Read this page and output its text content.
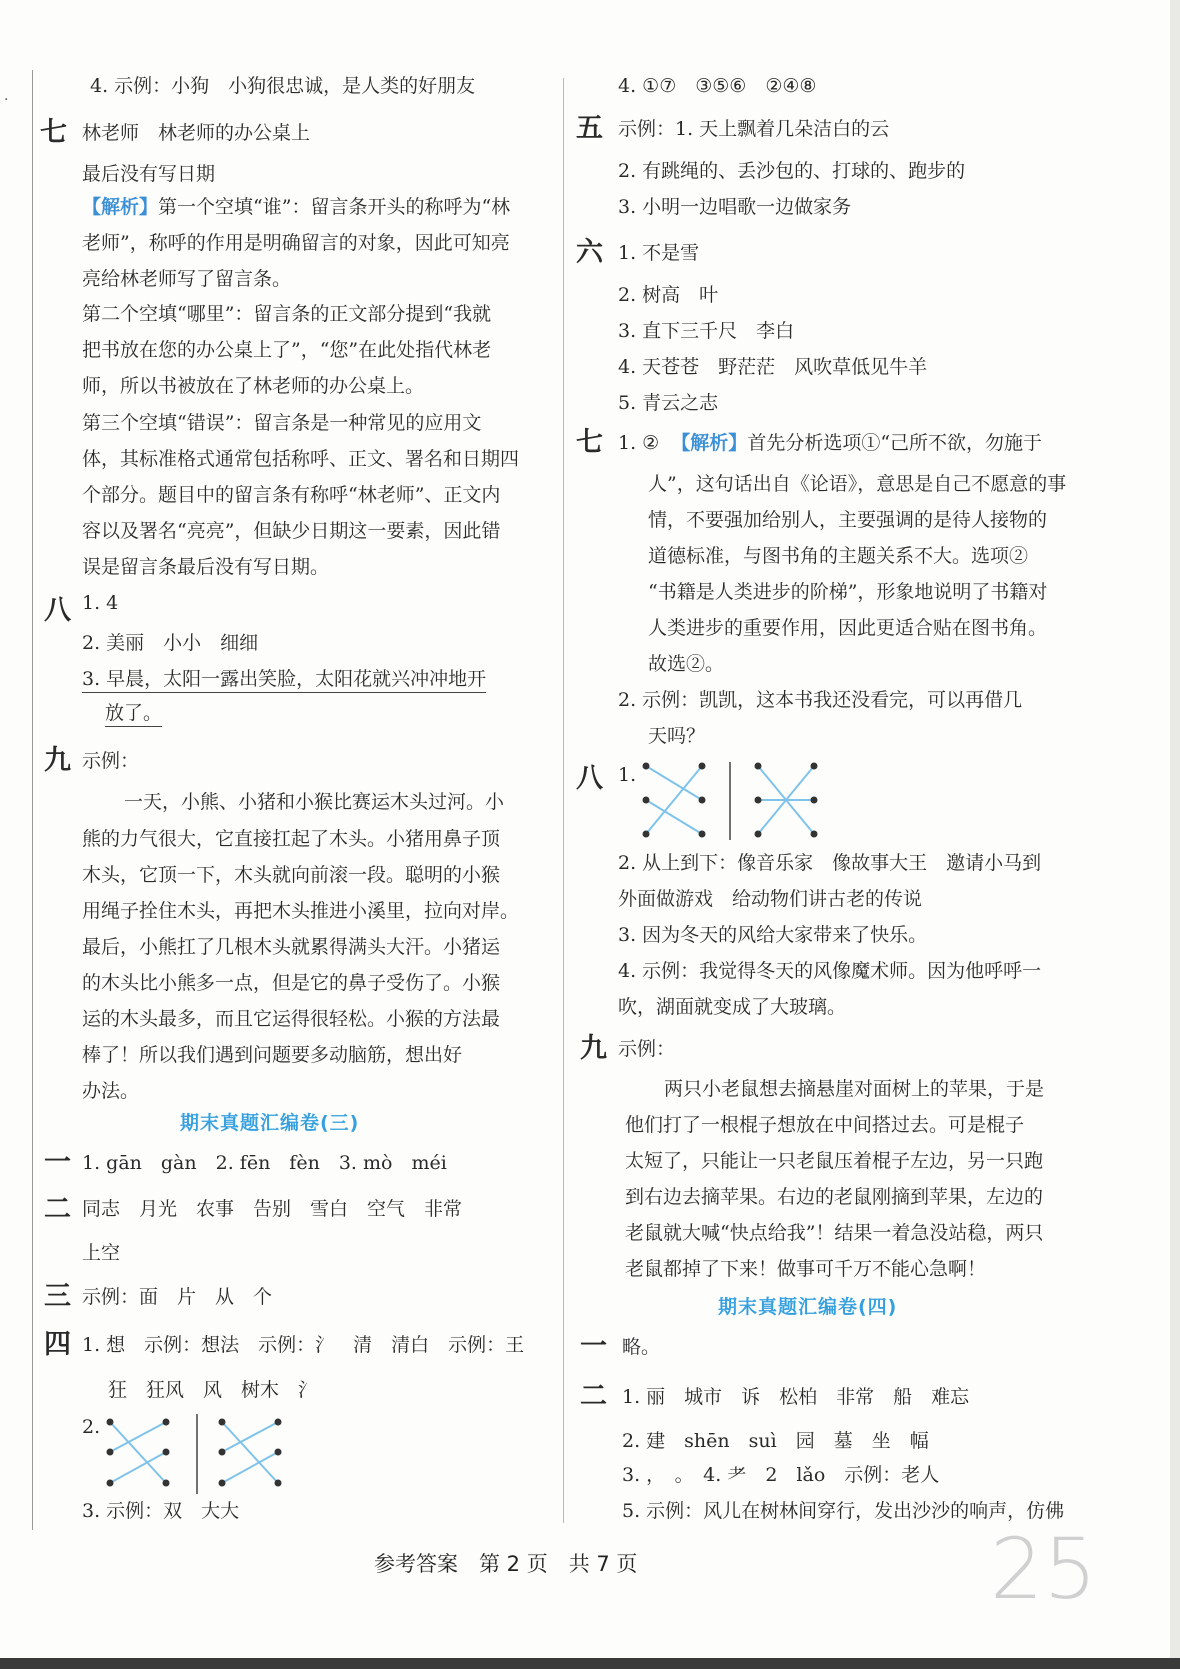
·
4. 示例：小狗　小狗很忠诚，是人类的好朋友
七 林老师　林老师的办公桌上
最后没有写日期
【解析】第一个空填“谁”：留言条开头的称呼为“林
老师”，称呼的作用是明确留言的对象，因此可知亮
亮给林老师写了留言条。
第二个空填“哪里”：留言条的正文部分提到“我就
把书放在您的办公桌上了”，“您”在此处指代林老
师，所以书被放在了林老师的办公桌上。
第三个空填“错误”：留言条是一种常见的应用文
体，其标准格式通常包括称呼、正文、署名和日期四
个部分。题目中的留言条有称呼“林老师”、正文内
容以及署名“亮亮”，但缺少日期这一要素，因此错
误是留言条最后没有写日期。
八 1. 4
2. 美丽　小小　细细
3. 早晨，太阳一露出笑脸，太阳花就兴冲冲地开
放了。
九 示例：
一天，小熊、小猪和小猴比赛运木头过河。小
熊的力气很大，它直接扛起了木头。小猪用鼻子顶
木头，它顶一下，木头就向前滚一段。聪明的小猴
用绳子拴住木头，再把木头推进小溪里，拉向对岸。
最后，小熊扛了几根木头就累得满头大汗。小猪运
的木头比小熊多一点，但是它的鼻子受伤了。小猴
运的木头最多，而且它运得很轻松。小猴的方法最
棒了！所以我们遇到问题要多动脑筋，想出好
办法。
期末真题汇编卷(三)
一 1. gān　gàn　2. fēn　fèn　3. mò　méi
二 同志　月光　农事　告别　雪白　空气　非常
上空
三 示例：面　片　从　个
四 1. 想　示例：想法　示例：氵　清　清白　示例：王
狂　狂风　风　树木　氵
2.
3. 示例：双　大大
4. ①⑦　③⑤⑥　②④⑧
五 示例：1. 天上飘着几朵洁白的云
2. 有跳绳的、丢沙包的、打球的、跑步的
3. 小明一边唱歌一边做家务
六 1. 不是雪
2. 树高　叶
3. 直下三千尺　李白
4. 天苍苍　野茫茫　风吹草低见牛羊
5. 青云之志
七 1. ② 【解析】首先分析选项①“己所不欲，勿施于
人”，这句话出自《论语》，意思是自己不愿意的事
情，不要强加给别人，主要强调的是待人接物的
道德标准，与图书角的主题关系不大。选项②
“书籍是人类进步的阶梯”，形象地说明了书籍对
人类进步的重要作用，因此更适合贴在图书角。
故选②。
2. 示例：凯凯，这本书我还没看完，可以再借几
天吗？
八 1.
2. 从上到下：像音乐家　像故事大王　邀请小马到
外面做游戏　给动物们讲古老的传说
3. 因为冬天的风给大家带来了快乐。
4. 示例：我觉得冬天的风像魔术师。因为他呼呼一
吹，湖面就变成了大玻璃。
九 示例：
两只小老鼠想去摘悬崖对面树上的苹果，于是
他们打了一根棍子想放在中间搭过去。可是棍子
太短了，只能让一只老鼠压着棍子左边，另一只跑
到右边去摘苹果。右边的老鼠刚摘到苹果，左边的
老鼠就大喊“快点给我”！结果一着急没站稳，两只
老鼠都掉了下来！做事可千万不能心急啊！
期末真题汇编卷(四)
一 略。
二 1. 丽　城市　诉　松柏　非常　船　难忘
2. 建　shēn　suì　园　墓　坐　幅
3. ，　。　4. 耂　2　lǎo　示例：老人
5. 示例：风儿在树林间穿行，发出沙沙的响声，仿佛
参考答案　第 2 页　共 7 页	25
